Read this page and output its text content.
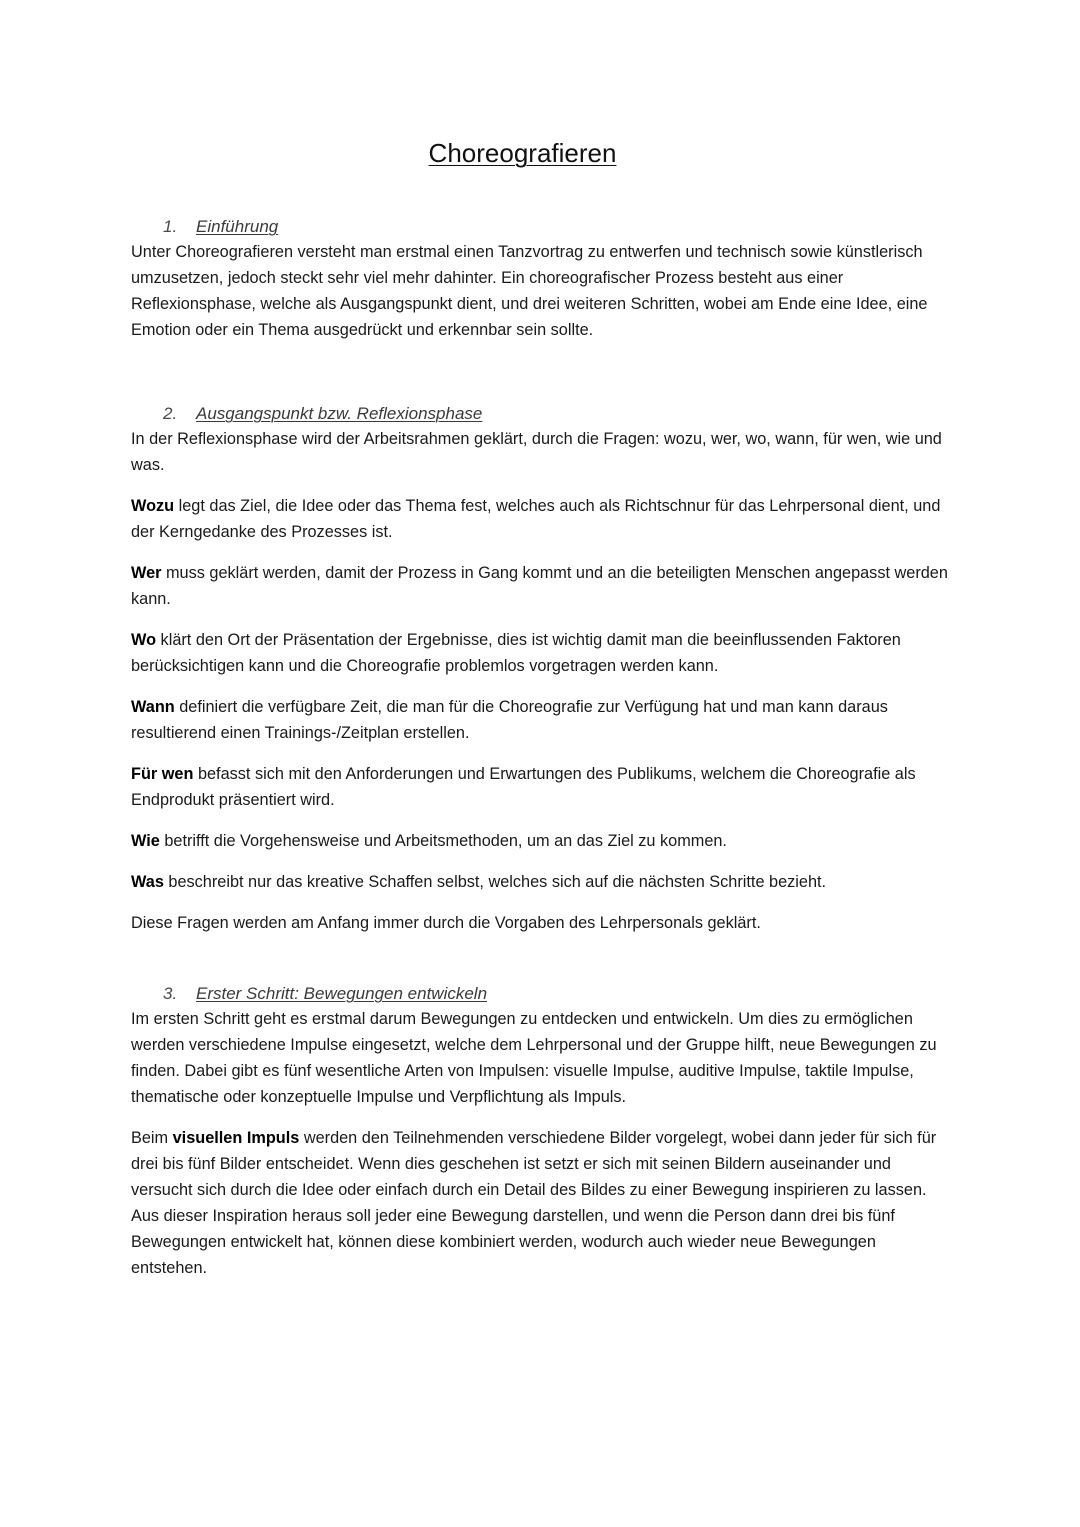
Choreografieren
1. Einführung

Unter Choreografieren versteht man erstmal einen Tanzvortrag zu entwerfen und technisch sowie künstlerisch umzusetzen, jedoch steckt sehr viel mehr dahinter. Ein choreografischer Prozess besteht aus einer Reflexionsphase, welche als Ausgangspunkt dient, und drei weiteren Schritten, wobei am Ende eine Idee, eine Emotion oder ein Thema ausgedrückt und erkennbar sein sollte.

2. Ausgangspunkt bzw. Reflexionsphase

In der Reflexionsphase wird der Arbeitsrahmen geklärt, durch die Fragen: wozu, wer, wo, wann, für wen, wie und was.

Wozu legt das Ziel, die Idee oder das Thema fest, welches auch als Richtschnur für das Lehrpersonal dient, und der Kerngedanke des Prozesses ist.

Wer muss geklärt werden, damit der Prozess in Gang kommt und an die beteiligten Menschen angepasst werden kann.

Wo klärt den Ort der Präsentation der Ergebnisse, dies ist wichtig damit man die beeinflussenden Faktoren berücksichtigen kann und die Choreografie problemlos vorgetragen werden kann.

Wann definiert die verfügbare Zeit, die man für die Choreografie zur Verfügung hat und man kann daraus resultierend einen Trainings-/Zeitplan erstellen.

Für wen befasst sich mit den Anforderungen und Erwartungen des Publikums, welchem die Choreografie als Endprodukt präsentiert wird.

Wie betrifft die Vorgehensweise und Arbeitsmethoden, um an das Ziel zu kommen.

Was beschreibt nur das kreative Schaffen selbst, welches sich auf die nächsten Schritte bezieht.

Diese Fragen werden am Anfang immer durch die Vorgaben des Lehrpersonals geklärt.

3. Erster Schritt: Bewegungen entwickeln

Im ersten Schritt geht es erstmal darum Bewegungen zu entdecken und entwickeln. Um dies zu ermöglichen werden verschiedene Impulse eingesetzt, welche dem Lehrpersonal und der Gruppe hilft, neue Bewegungen zu finden. Dabei gibt es fünf wesentliche Arten von Impulsen: visuelle Impulse, auditive Impulse, taktile Impulse, thematische oder konzeptuelle Impulse und Verpflichtung als Impuls.

Beim visuellen Impuls werden den Teilnehmenden verschiedene Bilder vorgelegt, wobei dann jeder für sich für drei bis fünf Bilder entscheidet. Wenn dies geschehen ist setzt er sich mit seinen Bildern auseinander und versucht sich durch die Idee oder einfach durch ein Detail des Bildes zu einer Bewegung inspirieren zu lassen. Aus dieser Inspiration heraus soll jeder eine Bewegung darstellen, und wenn die Person dann drei bis fünf Bewegungen entwickelt hat, können diese kombiniert werden, wodurch auch wieder neue Bewegungen entstehen.
